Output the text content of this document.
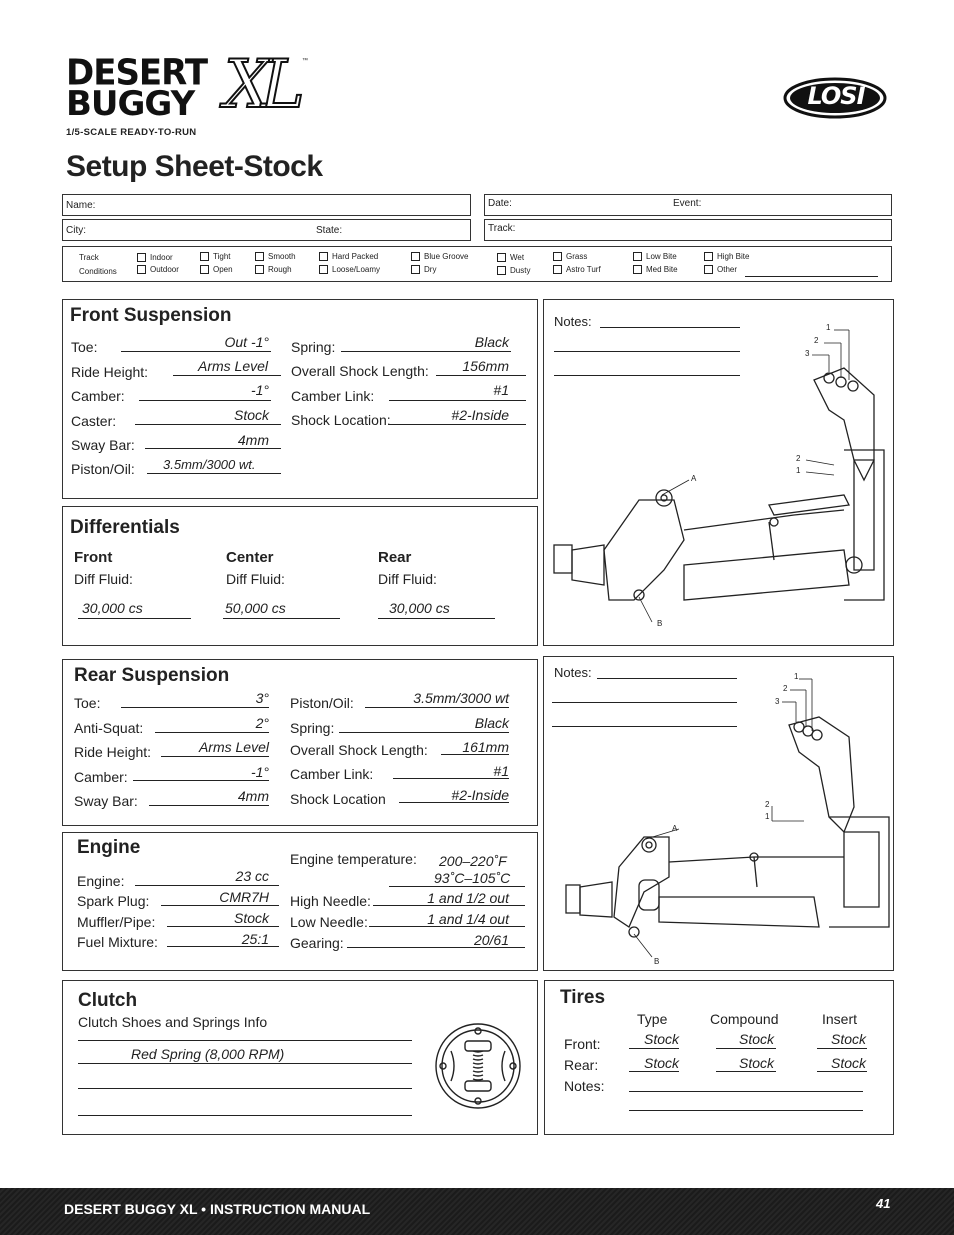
DESERT
BUGGY XL ™
1/5-SCALE READY-TO-RUN
LOSI
Setup Sheet-Stock
Name:
City:	State:
Date:	Event:
Track:
Track
Conditions
Indoor
Outdoor
Tight
Open
Smooth
Rough
Hard Packed
Loose/Loamy
Blue Groove
Dry
Wet
Dusty
Grass
Astro Turf
Low Bite
Med Bite
High Bite
Other
Front Suspension
Toe:	Out -1°
Ride Height:	Arms Level
Camber:	-1°
Caster:	Stock
Sway Bar:	4mm
Piston/Oil: 3.5mm/3000 wt.
Spring:	Black
Overall Shock Length:	156mm
Camber Link:	#1
Shock Location:	#2-Inside
Notes:	1
2
3
2
1
A
B
Differentials
Front
Diff Fluid:
30,000 cs
Center
Diff Fluid:
50,000 cs
Rear
Diff Fluid:
30,000 cs
Rear Suspension
Toe:	3°
Anti-Squat:	2°
Ride Height:	Arms Level
Camber:	-1°
Sway Bar:	4mm
Piston/Oil:	3.5mm/3000 wt
Spring:	Black
Overall Shock Length:	161mm
Camber Link:	#1
Shock Location	#2-Inside
Notes:	1
2
3
2
1
A
B
Engine
Engine:	23 cc
Spark Plug:	CMR7H
Muffler/Pipe:	Stock
Fuel Mixture:	25:1
Engine temperature: 200–220˚F
93˚C–105˚C
High Needle:	1 and 1/2 out
Low Needle:	1 and 1/4 out
Gearing:	20/61
Clutch
Clutch Shoes and Springs Info
Red Spring (8,000 RPM)
Tires
Type	Compound	Insert
Front:	Stock	Stock	Stock
Rear:	Stock	Stock	Stock
Notes:
DESERT BUGGY XL • INSTRUCTION MANUAL	41
